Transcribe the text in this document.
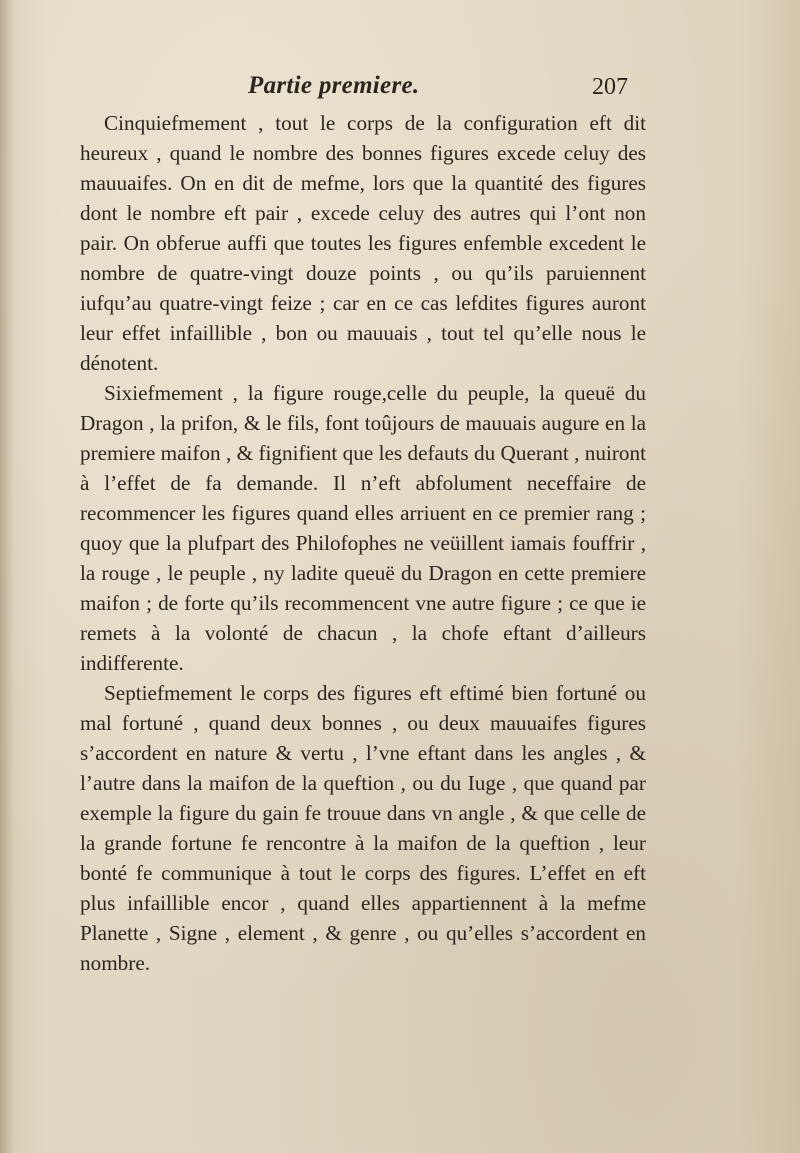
Partie premiere.	207

Cinquiefmement , tout le corps de la configuration eft dit heureux , quand le nombre des bonnes figures excede celuy des mauuaifes. On en dit de mefme, lors que la quantité des figures dont le nombre eft pair , excede celuy des autres qui l’ont non pair. On obferue auffi que toutes les figures enfemble excedent le nombre de quatre-vingt douze points , ou qu’ils paruiennent iufqu’au quatre-vingt feize ; car en ce cas lefdites figures auront leur effet infaillible , bon ou mauuais , tout tel qu’elle nous le dénotent.

Sixiefmement , la figure rouge,celle du peuple, la queuë du Dragon , la prifon, & le fils, font toûjours de mauuais augure en la premiere maifon , & fignifient que les defauts du Querant , nuiront à l’effet de fa demande. Il n’eft abfolument neceffaire de recommencer les figures quand elles arriuent en ce premier rang ; quoy que la plufpart des Philofophes ne veüillent iamais fouffrir , la rouge , le peuple , ny ladite queuë du Dragon en cette premiere maifon ; de forte qu’ils recommencent vne autre figure ; ce que ie remets à la volonté de chacun , la chofe eftant d’ailleurs indifferente.

Septiefmement le corps des figures eft eftimé bien fortuné ou mal fortuné , quand deux bonnes , ou deux mauuaifes figures s’accordent en nature & vertu , l’vne eftant dans les angles , & l’autre dans la maifon de la queftion , ou du Iuge , que quand par exemple la figure du gain fe trouue dans vn angle , & que celle de la grande fortune fe rencontre à la maifon de la queftion , leur bonté fe communique à tout le corps des figures. L’effet en eft plus infaillible encor , quand elles appartiennent à la mefme Planette , Signe , element , & genre , ou qu’elles s’accordent en nombre.
